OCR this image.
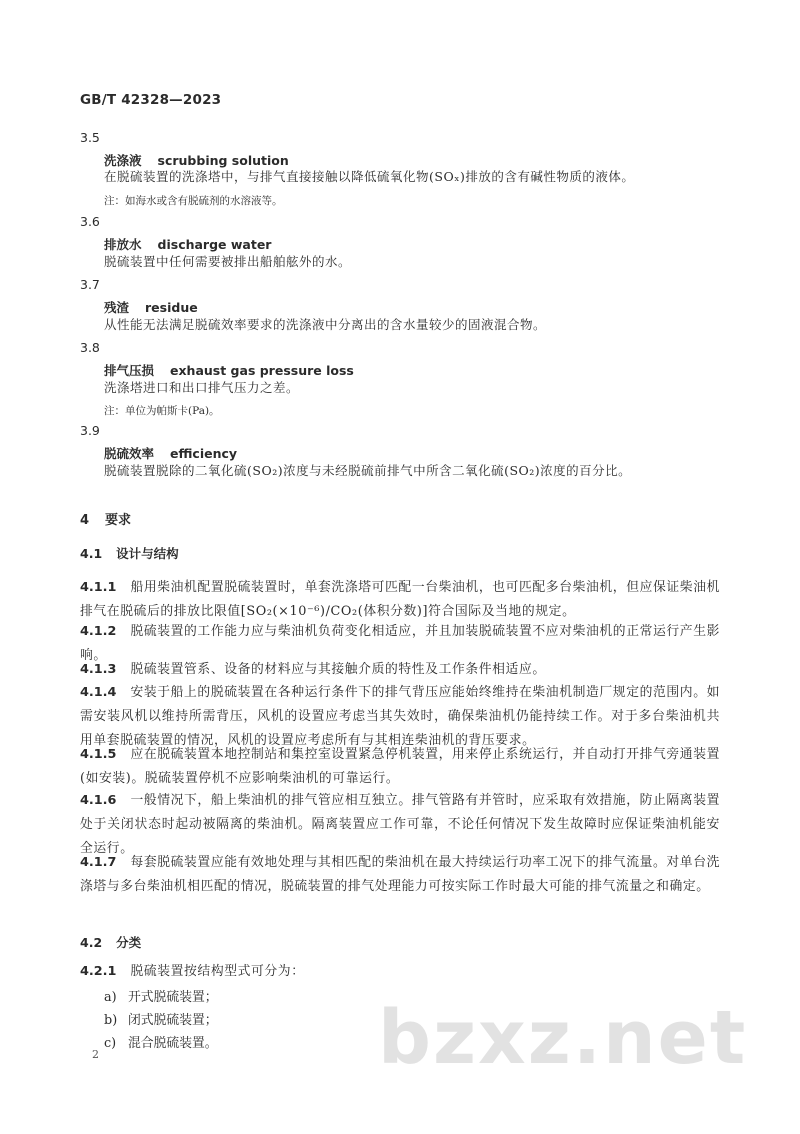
GB/T 42328—2023
3.5
洗涤液 scrubbing solution
在脱硫装置的洗涤塔中，与排气直接接触以降低硫氧化物(SOₓ)排放的含有碱性物质的液体。
注：如海水或含有脱硫剂的水溶液等。
3.6
排放水 discharge water
脱硫装置中任何需要被排出船舶舷外的水。
3.7
残渣 residue
从性能无法满足脱硫效率要求的洗涤液中分离出的含水量较少的固液混合物。
3.8
排气压损 exhaust gas pressure loss
洗涤塔进口和出口排气压力之差。
注：单位为帕斯卡(Pa)。
3.9
脱硫效率 efficiency
脱硫装置脱除的二氧化硫(SO₂)浓度与未经脱硫前排气中所含二氧化硫(SO₂)浓度的百分比。
4 要求
4.1 设计与结构
4.1.1 船用柴油机配置脱硫装置时，单套洗涤塔可匹配一台柴油机，也可匹配多台柴油机，但应保证柴油机排气在脱硫后的排放比限值[SO₂(×10⁻⁶)/CO₂(体积分数)]符合国际及当地的规定。
4.1.2 脱硫装置的工作能力应与柴油机负荷变化相适应，并且加装脱硫装置不应对柴油机的正常运行产生影响。
4.1.3 脱硫装置管系、设备的材料应与其接触介质的特性及工作条件相适应。
4.1.4 安装于船上的脱硫装置在各种运行条件下的排气背压应能始终维持在柴油机制造厂规定的范围内。如需安装风机以维持所需背压，风机的设置应考虑当其失效时，确保柴油机仍能持续工作。对于多台柴油机共用单套脱硫装置的情况，风机的设置应考虑所有与其相连柴油机的背压要求。
4.1.5 应在脱硫装置本地控制站和集控室设置紧急停机装置，用来停止系统运行，并自动打开排气旁通装置(如安装)。脱硫装置停机不应影响柴油机的可靠运行。
4.1.6 一般情况下，船上柴油机的排气管应相互独立。排气管路有并管时，应采取有效措施，防止隔离装置处于关闭状态时起动被隔离的柴油机。隔离装置应工作可靠，不论任何情况下发生故障时应保证柴油机能安全运行。
4.1.7 每套脱硫装置应能有效地处理与其相匹配的柴油机在最大持续运行功率工况下的排气流量。对单台洗涤塔与多台柴油机相匹配的情况，脱硫装置的排气处理能力可按实际工作时最大可能的排气流量之和确定。
4.2 分类
4.2.1 脱硫装置按结构型式可分为：
a) 开式脱硫装置；
b) 闭式脱硫装置；
c) 混合脱硫装置。
2	bzxz.net
